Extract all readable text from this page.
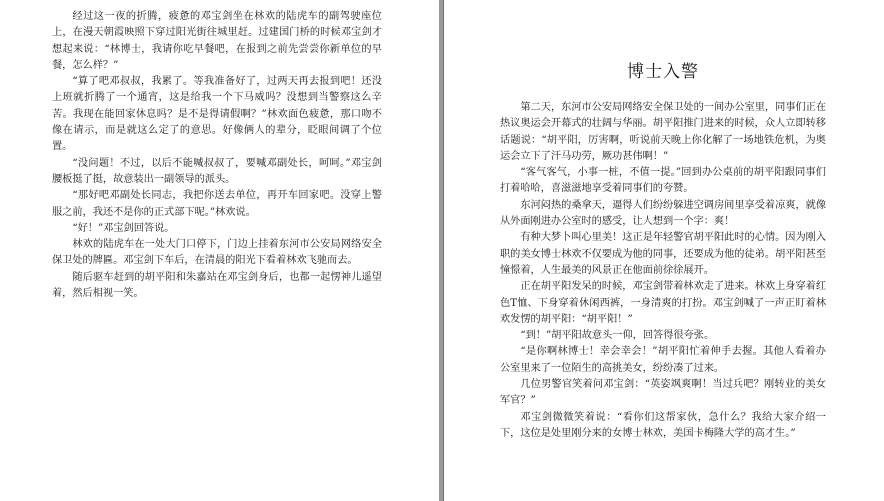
经过这一夜的折腾，疲惫的邓宝剑坐在林欢的陆虎车的副驾驶座位上，在漫天朝霞映照下穿过阳光街往城里赶。过建国门桥的时候邓宝剑才想起来说：“林博士，我请你吃早餐吧，在报到之前先尝尝你新单位的早餐，怎么样？”

“算了吧邓叔叔，我累了。等我准备好了，过两天再去报到吧！还没上班就折腾了一个通宵，这是给我一个下马威吗？没想到当警察这么辛苦。我现在能回家休息吗？是不是得请假啊？”林欢面色疲惫，那口吻不像在请示，而是就这么定了的意思。好像俩人的辈分，眨眼间调了个位置。

“没问题！不过，以后不能喊叔叔了，要喊邓副处长，呵呵。”邓宝剑腰板挺了挺，故意装出一副领导的派头。

“那好吧邓副处长同志，我把你送去单位，再开车回家吧。没穿上警服之前，我还不是你的正式部下呢。”林欢说。

“好！”邓宝剑回答说。

林欢的陆虎车在一处大门口停下，门边上挂着东河市公安局网络安全保卫处的牌匾。邓宝剑下车后，在清晨的阳光下看着林欢飞驰而去。

随后驱车赶到的胡平阳和朱嘉站在邓宝剑身后，也都一起愣神儿遥望着，然后相视一笑。

博士入警

第二天，东河市公安局网络安全保卫处的一间办公室里，同事们正在热议奥运会开幕式的壮阔与华丽。胡平阳推门进来的时候，众人立即转移话题说：“胡平阳，厉害啊，听说前天晚上你化解了一场地铁危机，为奥运会立下了汗马功劳，厥功甚伟啊！”

“客气客气，小事一桩，不值一提。”回到办公桌前的胡平阳跟同事们打着哈哈，喜滋滋地享受着同事们的夸赞。

东河闷热的桑拿天，逼得人们纷纷躲进空调房间里享受着凉爽，就像从外面刚进办公室时的感受，让人想到一个字：爽！

有种大梦卜叫心里美！这正是年轻警官胡平阳此时的心情。因为刚入职的美女博士林欢不仅要成为他的同事，还要成为他的徒弟。胡平阳甚至憧憬着，人生最美的风景正在他面前徐徐展开。

正在胡平阳发呆的时候，邓宝剑带着林欢走了进来。林欢上身穿着红色T恤、下身穿着休闲西裤，一身清爽的打扮。邓宝剑喊了一声正盯着林欢发愣的胡平阳：“胡平阳！”

“到！”胡平阳故意头一仰，回答得很夸张。

“是你啊林博士！幸会幸会！”胡平阳忙着伸手去握。其他人看着办公室里来了一位陌生的高挑美女，纷纷凑了过来。

几位男警官笑着问邓宝剑：“英姿飒爽啊！当过兵吧？刚转业的美女军官？”

邓宝剑微微笑着说：“看你们这帮家伙，急什么？我给大家介绍一下，这位是处里刚分来的女博士林欢，美国卡梅隆大学的高才生。”
